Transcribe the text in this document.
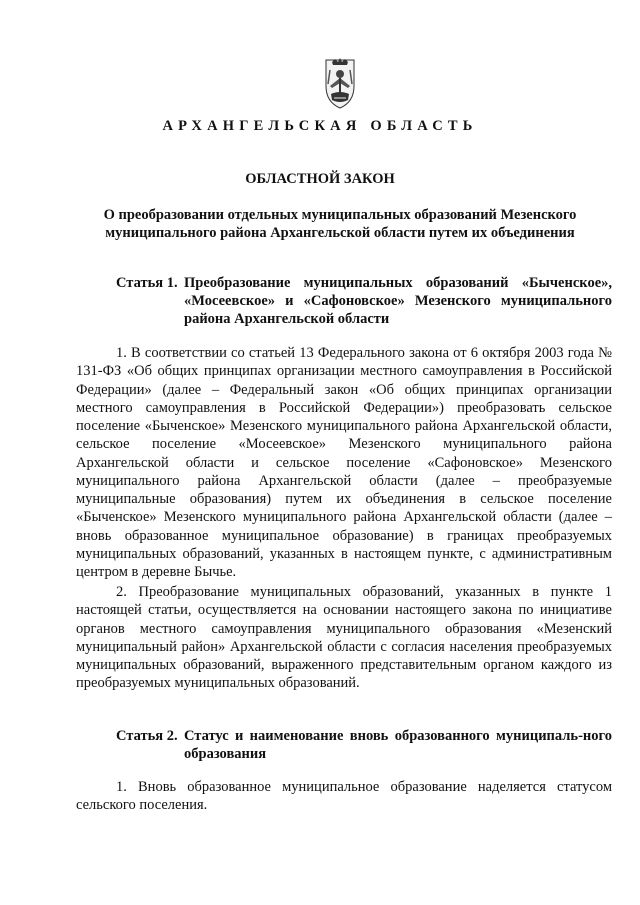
АРХАНГЕЛЬСКАЯ ОБЛАСТЬ
ОБЛАСТНОЙ ЗАКОН
О преобразовании отдельных муниципальных образований Мезенского муниципального района Архангельской области путем их объединения
Статья 1. Преобразование муниципальных образований «Быченское», «Мосеевское» и «Сафоновское» Мезенского муниципального района Архангельской области

1. В соответствии со статьей 13 Федерального закона от 6 октября 2003 года № 131-ФЗ «Об общих принципах организации местного самоуправления в Российской Федерации» (далее – Федеральный закон «Об общих принципах организации местного самоуправления в Российской Федерации») преобразовать сельское поселение «Быченское» Мезенского муниципального района Архангельской области, сельское поселение «Мосеевское» Мезенского муниципального района Архангельской области и сельское поселение «Сафоновское» Мезенского муниципального района Архангельской области (далее – преобразуемые муниципальные образования) путем их объединения в сельское поселение «Быченское» Мезенского муниципального района Архангельской области (далее – вновь образованное муниципальное образование) в границах преобразуемых муниципальных образований, указанных в настоящем пункте, с административным центром в деревне Бычье.

2. Преобразование муниципальных образований, указанных в пункте 1 настоящей статьи, осуществляется на основании настоящего закона по инициативе органов местного самоуправления муниципального образования «Мезенский муниципальный район» Архангельской области с согласия населения преобразуемых муниципальных образований, выраженного представительным органом каждого из преобразуемых муниципальных образований.

Статья 2. Статус и наименование вновь образованного муниципаль-ного образования

1. Вновь образованное муниципальное образование наделяется статусом сельского поселения.
